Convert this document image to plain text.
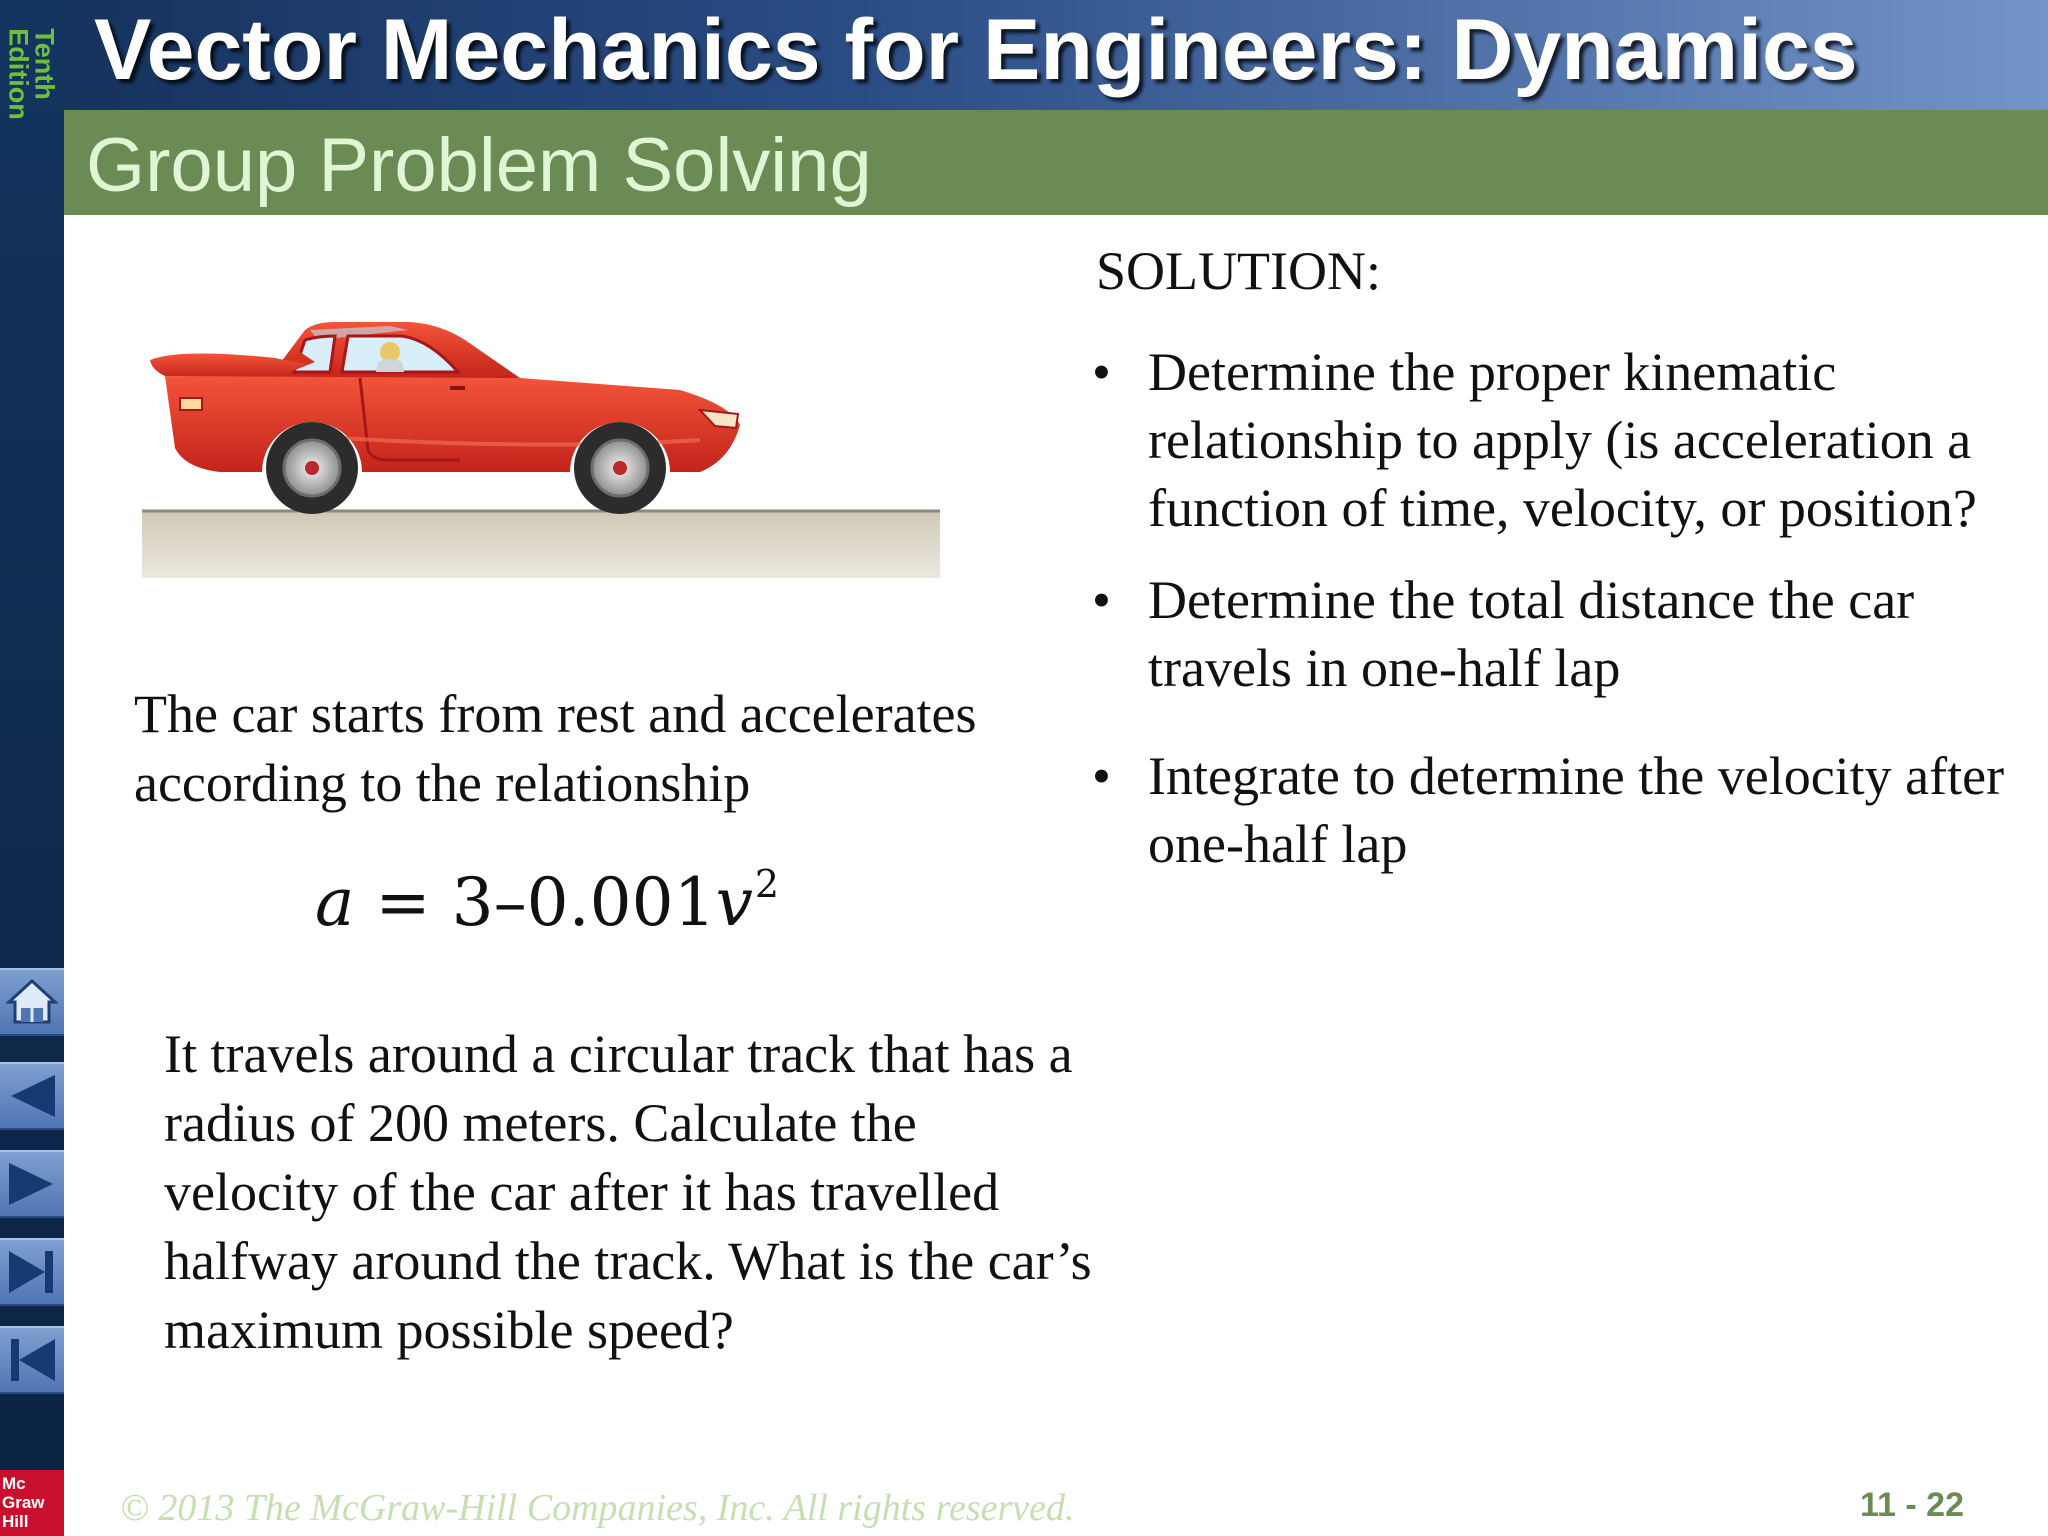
Tenth
Edition
Mc
Graw
Hill
Vector Mechanics for Engineers: Dynamics
Group Problem Solving

The car starts from rest and accelerates according to the relationship

$a = 3-0.001v^2$

It travels around a circular track that has a radius of 200 meters. Calculate the velocity of the car after it has travelled halfway around the track. What is the car’s maximum possible speed?

SOLUTION:
• Determine the proper kinematic relationship to apply (is acceleration a function of time, velocity, or position?
• Determine the total distance the car travels in one-half lap
• Integrate to determine the velocity after one-half lap
© 2013 The McGraw-Hill Companies, Inc. All rights reserved.	11 - 22
